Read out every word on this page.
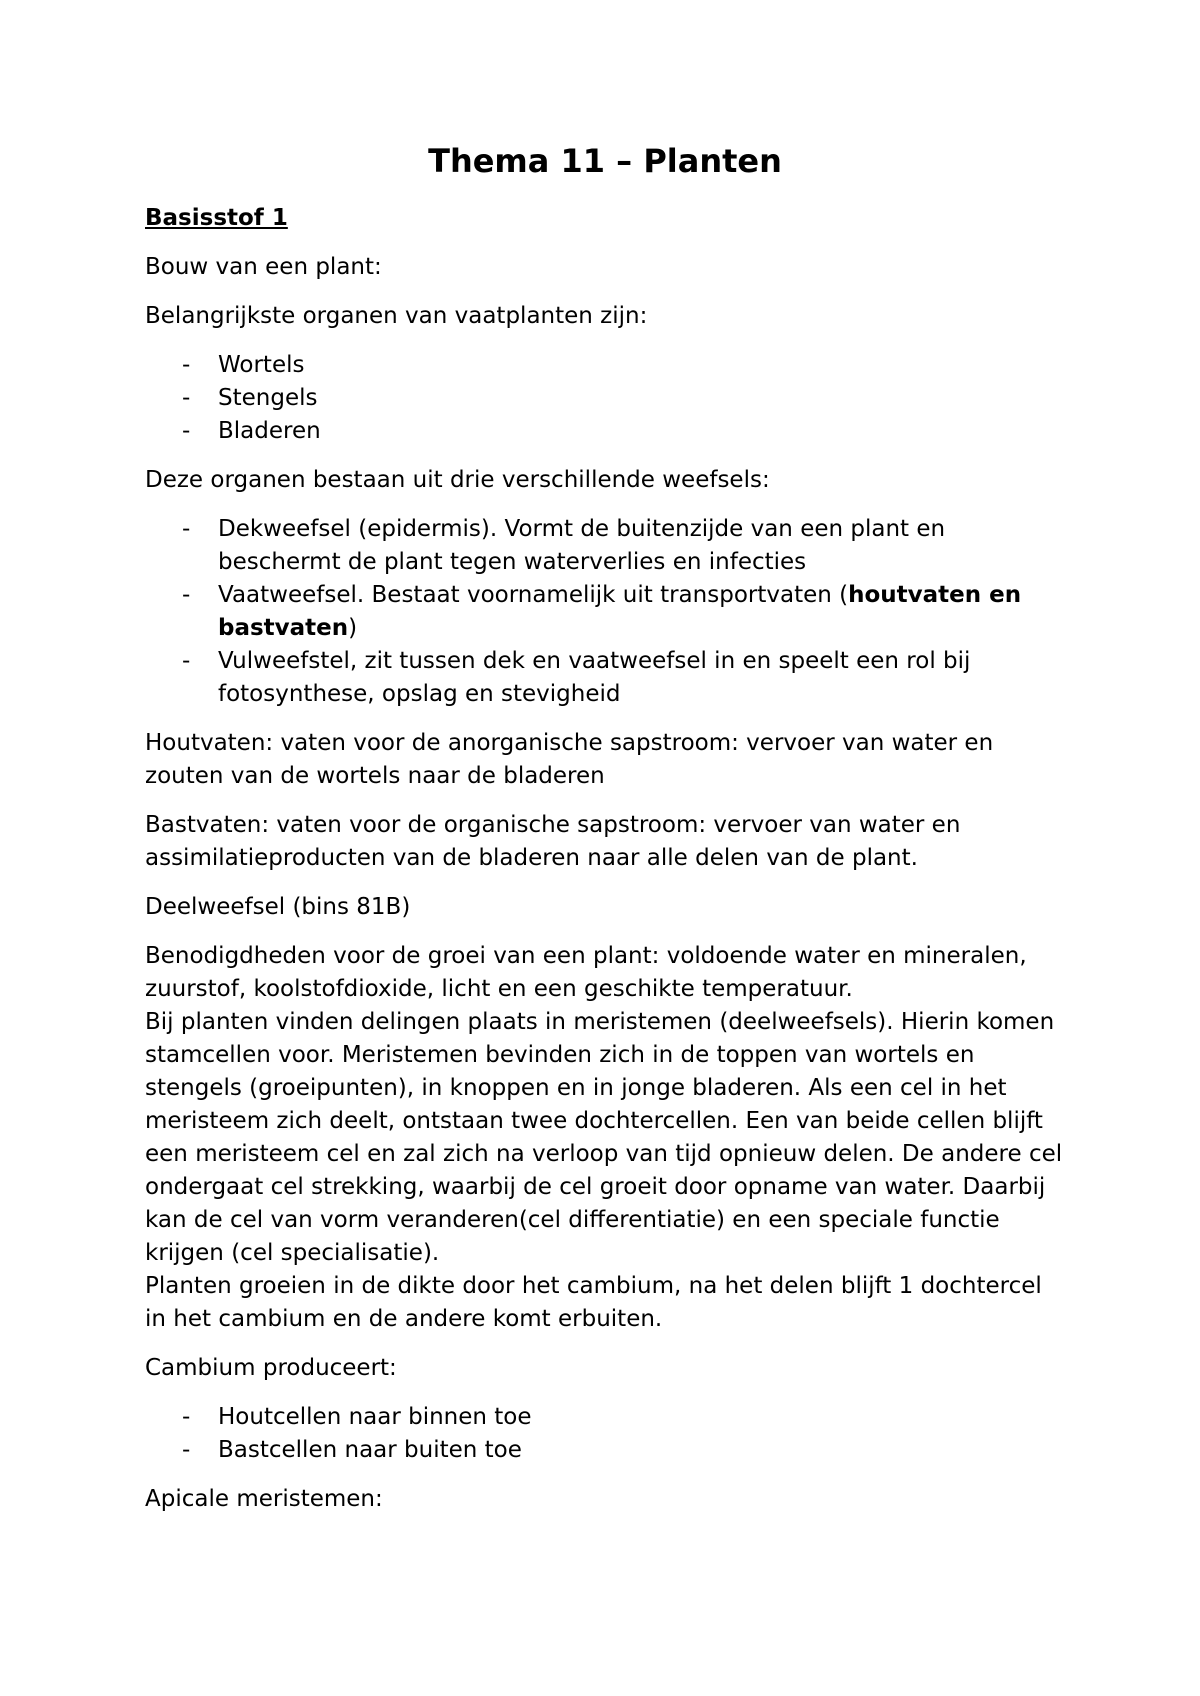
Thema 11 – Planten

Basisstof 1

Bouw van een plant:

Belangrijkste organen van vaatplanten zijn:

- Wortels
- Stengels
- Bladeren

Deze organen bestaan uit drie verschillende weefsels:

- Dekweefsel (epidermis). Vormt de buitenzijde van een plant en beschermt de plant tegen waterverlies en infecties
- Vaatweefsel. Bestaat voornamelijk uit transportvaten (houtvaten en bastvaten)
- Vulweefstel, zit tussen dek en vaatweefsel in en speelt een rol bij fotosynthese, opslag en stevigheid

Houtvaten: vaten voor de anorganische sapstroom: vervoer van water en zouten van de wortels naar de bladeren

Bastvaten: vaten voor de organische sapstroom: vervoer van water en assimilatieproducten van de bladeren naar alle delen van de plant.

Deelweefsel (bins 81B)

Benodigdheden voor de groei van een plant: voldoende water en mineralen, zuurstof, koolstofdioxide, licht en een geschikte temperatuur.

Bij planten vinden delingen plaats in meristemen (deelweefsels). Hierin komen stamcellen voor. Meristemen bevinden zich in de toppen van wortels en stengels (groeipunten), in knoppen en in jonge bladeren. Als een cel in het meristeem zich deelt, ontstaan twee dochtercellen. Een van beide cellen blijft een meristeem cel en zal zich na verloop van tijd opnieuw delen. De andere cel ondergaat cel strekking, waarbij de cel groeit door opname van water. Daarbij kan de cel van vorm veranderen(cel differentiatie) en een speciale functie krijgen (cel specialisatie).

Planten groeien in de dikte door het cambium, na het delen blijft 1 dochtercel in het cambium en de andere komt erbuiten.

Cambium produceert:

- Houtcellen naar binnen toe
- Bastcellen naar buiten toe

Apicale meristemen:
